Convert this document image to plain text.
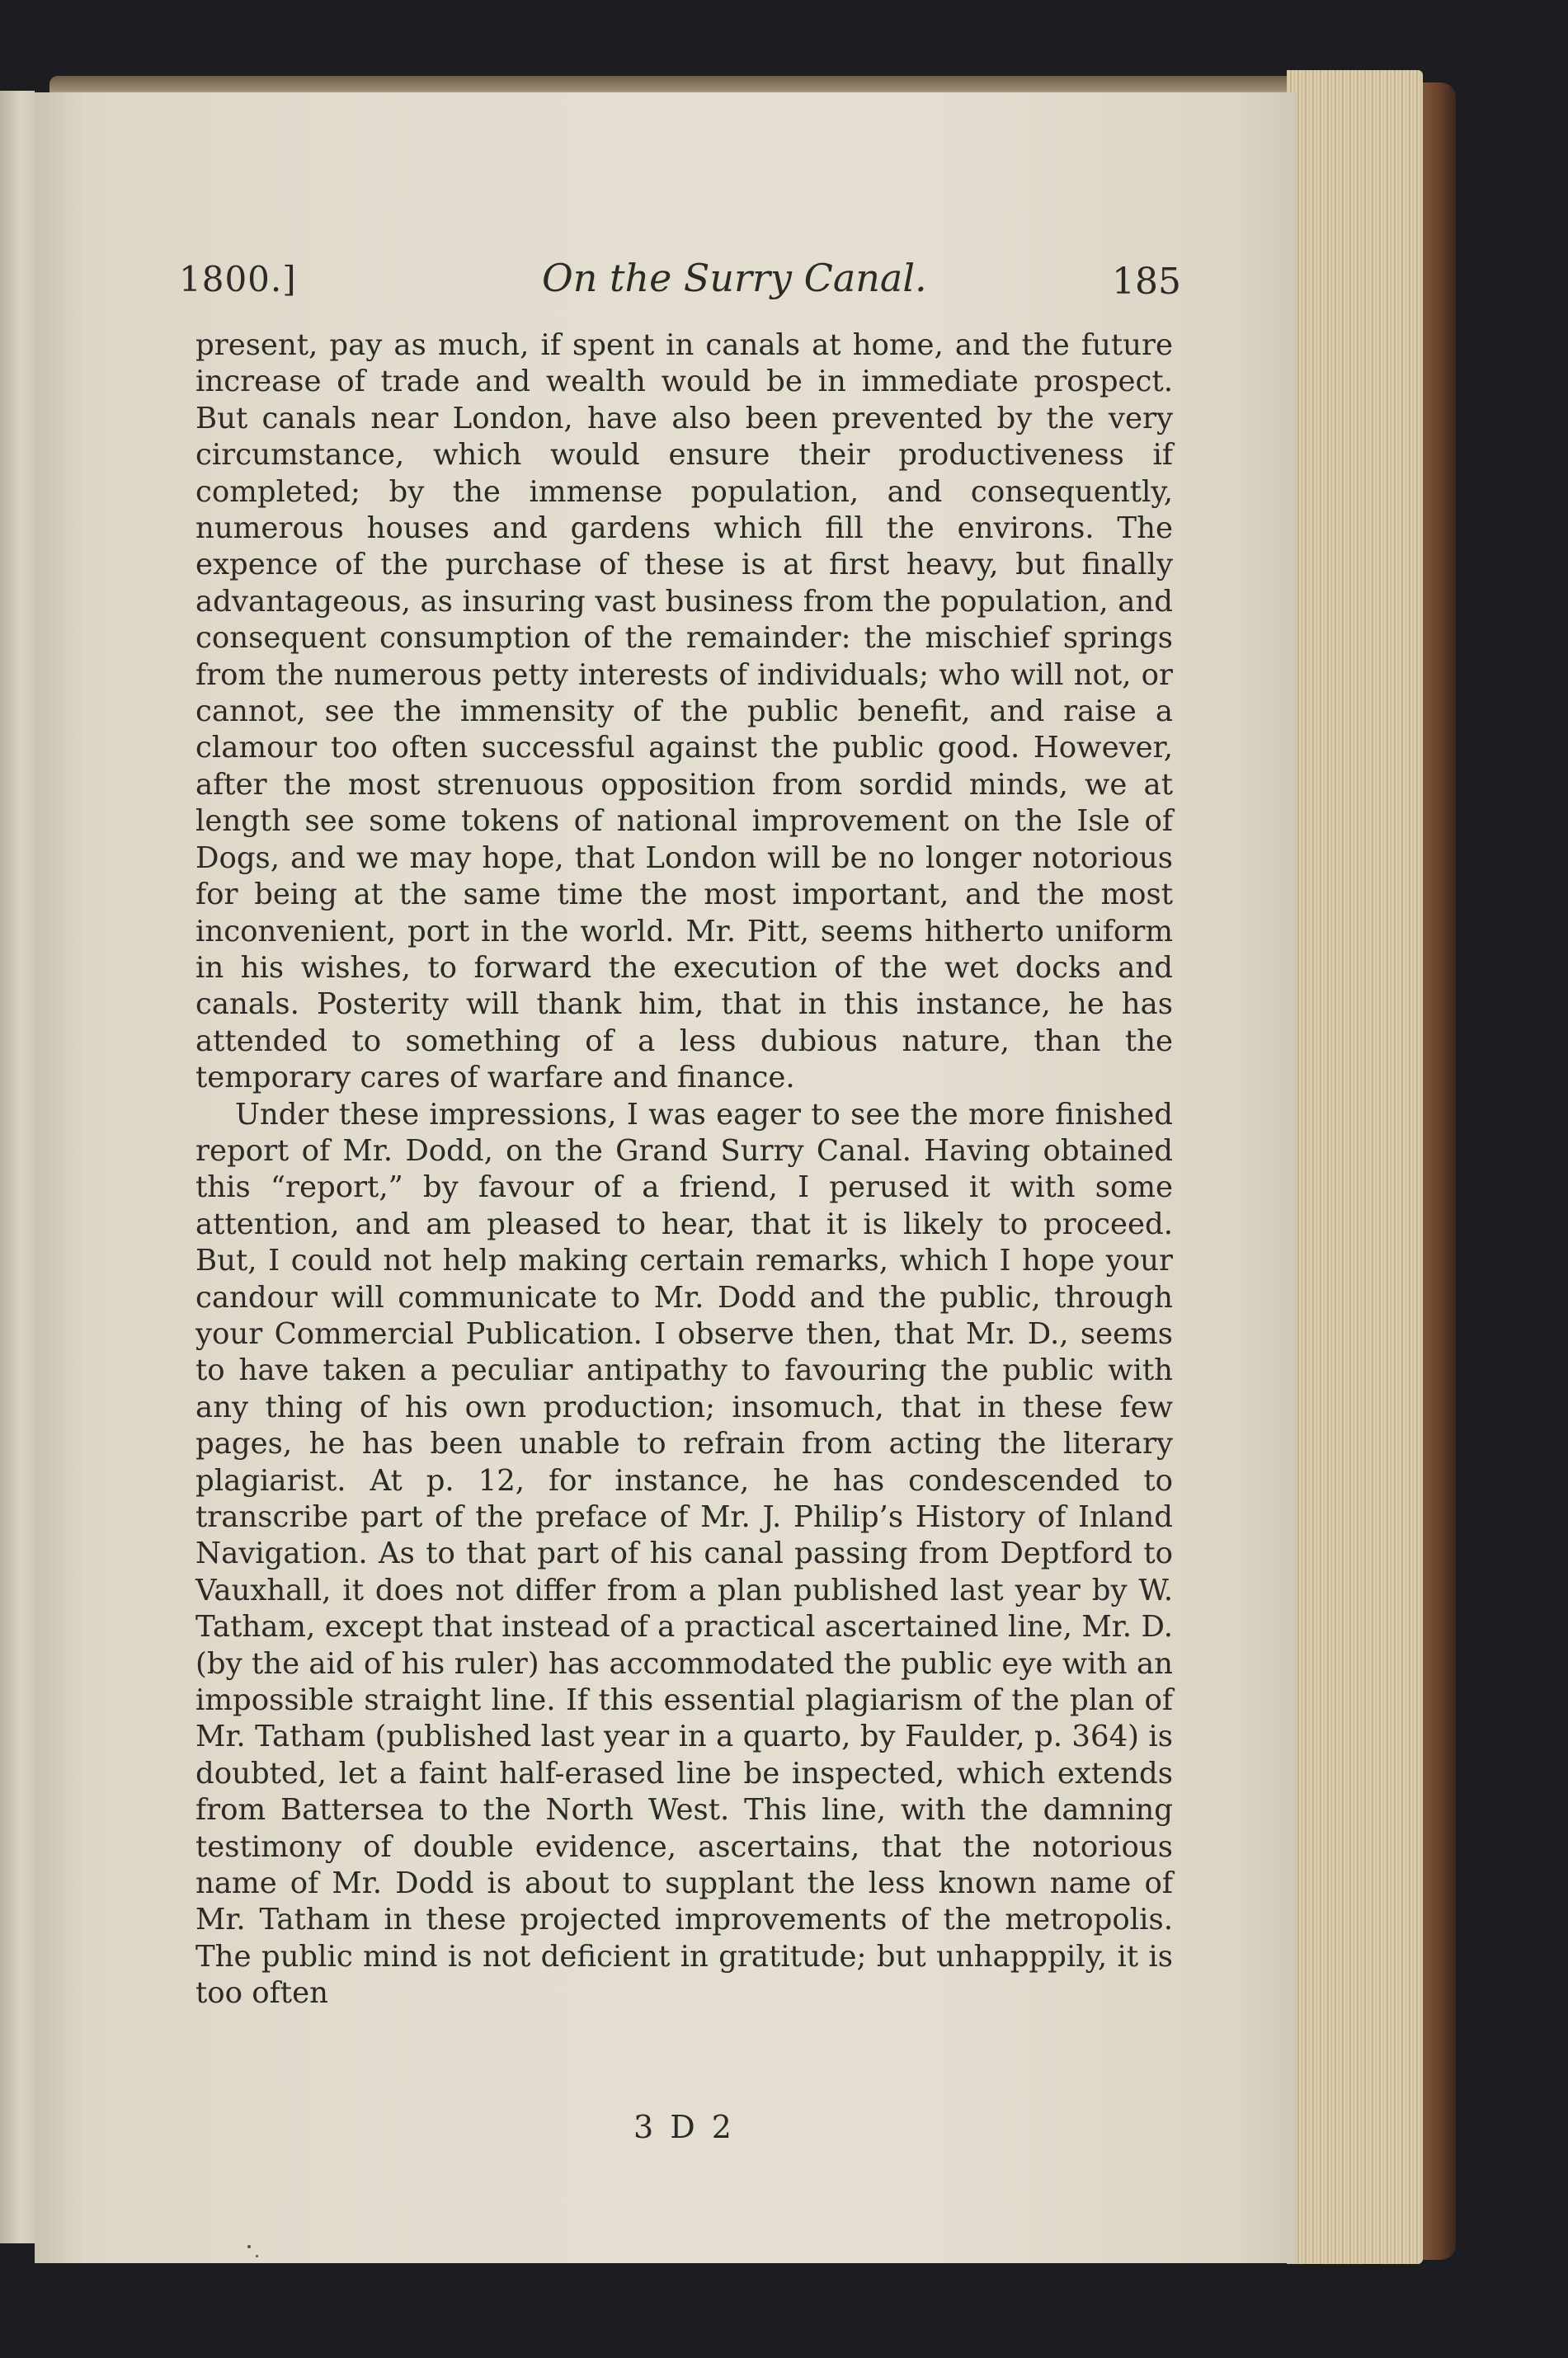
1800.]	On the Surry Canal.	185

present, pay as much, if spent in canals at home, and the future increase of trade and wealth would be in immediate prospect. But canals near London, have also been prevented by the very circumstance, which would ensure their productiveness if completed; by the immense population, and consequently, numerous houses and gardens which fill the environs. The expence of the purchase of these is at first heavy, but finally advantageous, as insuring vast business from the population, and consequent consumption of the remainder: the mischief springs from the numerous petty interests of individuals; who will not, or cannot, see the immensity of the public benefit, and raise a clamour too often successful against the public good. However, after the most strenuous opposition from sordid minds, we at length see some tokens of national improvement on the Isle of Dogs, and we may hope, that London will be no longer notorious for being at the same time the most important, and the most inconvenient, port in the world. Mr. Pitt, seems hitherto uniform in his wishes, to forward the execution of the wet docks and canals. Posterity will thank him, that in this instance, he has attended to something of a less dubious nature, than the temporary cares of warfare and finance.

Under these impressions, I was eager to see the more finished report of Mr. Dodd, on the Grand Surry Canal. Having obtained this “report,” by favour of a friend, I perused it with some attention, and am pleased to hear, that it is likely to proceed. But, I could not help making certain remarks, which I hope your candour will communicate to Mr. Dodd and the public, through your Commercial Publication. I observe then, that Mr. D., seems to have taken a peculiar antipathy to favouring the public with any thing of his own production; insomuch, that in these few pages, he has been unable to refrain from acting the literary plagiarist. At p. 12, for instance, he has condescended to transcribe part of the preface of Mr. J. Philip’s History of Inland Navigation. As to that part of his canal passing from Deptford to Vauxhall, it does not differ from a plan published last year by W. Tatham, except that instead of a practical ascertained line, Mr. D. (by the aid of his ruler) has accommodated the public eye with an impossible straight line. If this essential plagiarism of the plan of Mr. Tatham (published last year in a quarto, by Faulder, p. 364) is doubted, let a faint half-erased line be inspected, which extends from Battersea to the North West. This line, with the damning testimony of double evidence, ascertains, that the notorious name of Mr. Dodd is about to supplant the less known name of Mr. Tatham in these projected improvements of the metropolis. The public mind is not deficient in gratitude; but unhapppily, it is too often

3 D 2
